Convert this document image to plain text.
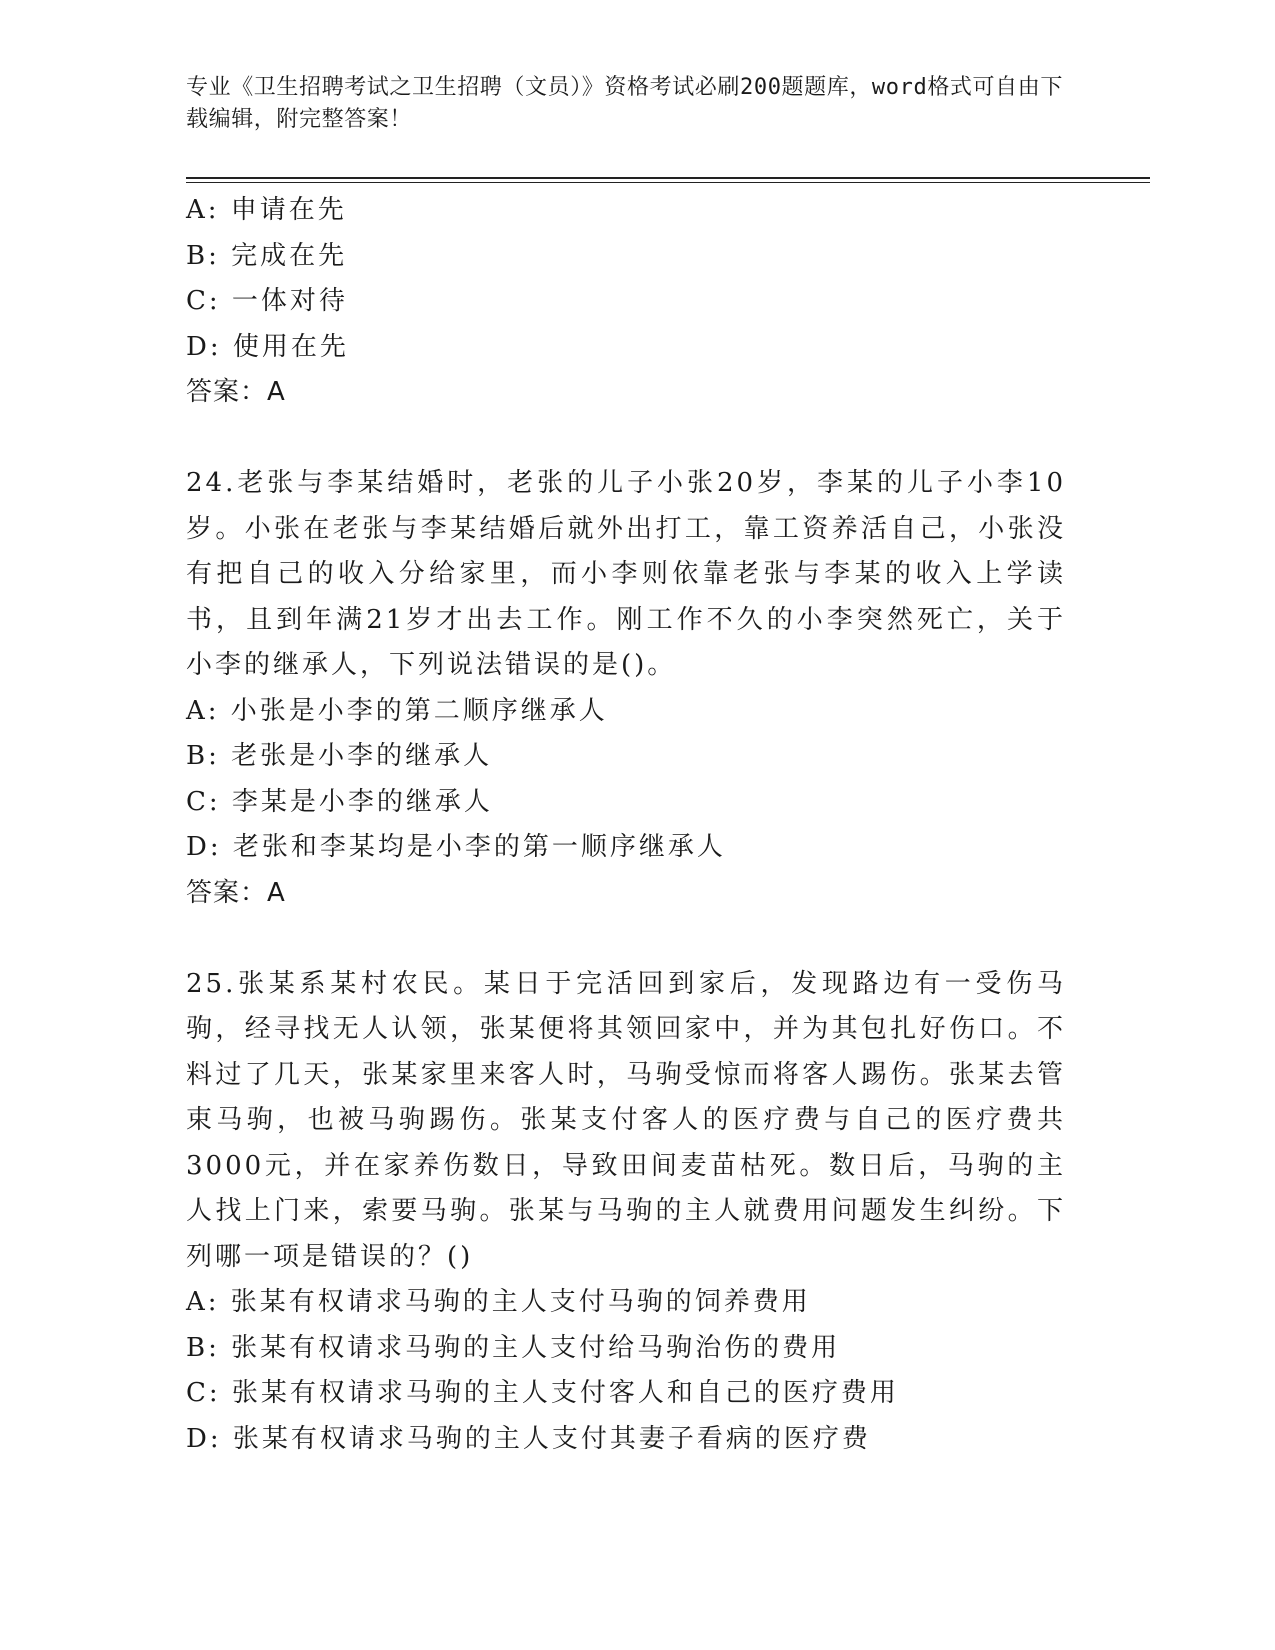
专业《卫生招聘考试之卫生招聘（文员）》资格考试必刷200题题库，word格式可自由下载编辑，附完整答案！
A: 申请在先
B: 完成在先
C: 一体对待
D: 使用在先
答案：A
24.老张与李某结婚时，老张的儿子小张20岁，李某的儿子小李10岁。小张在老张与李某结婚后就外出打工，靠工资养活自己，小张没有把自己的收入分给家里，而小李则依靠老张与李某的收入上学读书，且到年满21岁才出去工作。刚工作不久的小李突然死亡，关于小李的继承人，下列说法错误的是()。
A: 小张是小李的第二顺序继承人
B: 老张是小李的继承人
C: 李某是小李的继承人
D: 老张和李某均是小李的第一顺序继承人
答案：A
25.张某系某村农民。某日于完活回到家后，发现路边有一受伤马驹，经寻找无人认领，张某便将其领回家中，并为其包扎好伤口。不料过了几天，张某家里来客人时，马驹受惊而将客人踢伤。张某去管束马驹，也被马驹踢伤。张某支付客人的医疗费与自己的医疗费共3000元，并在家养伤数日，导致田间麦苗枯死。数日后，马驹的主人找上门来，索要马驹。张某与马驹的主人就费用问题发生纠纷。下列哪一项是错误的？()
A: 张某有权请求马驹的主人支付马驹的饲养费用
B: 张某有权请求马驹的主人支付给马驹治伤的费用
C: 张某有权请求马驹的主人支付客人和自己的医疗费用
D: 张某有权请求马驹的主人支付其妻子看病的医疗费
